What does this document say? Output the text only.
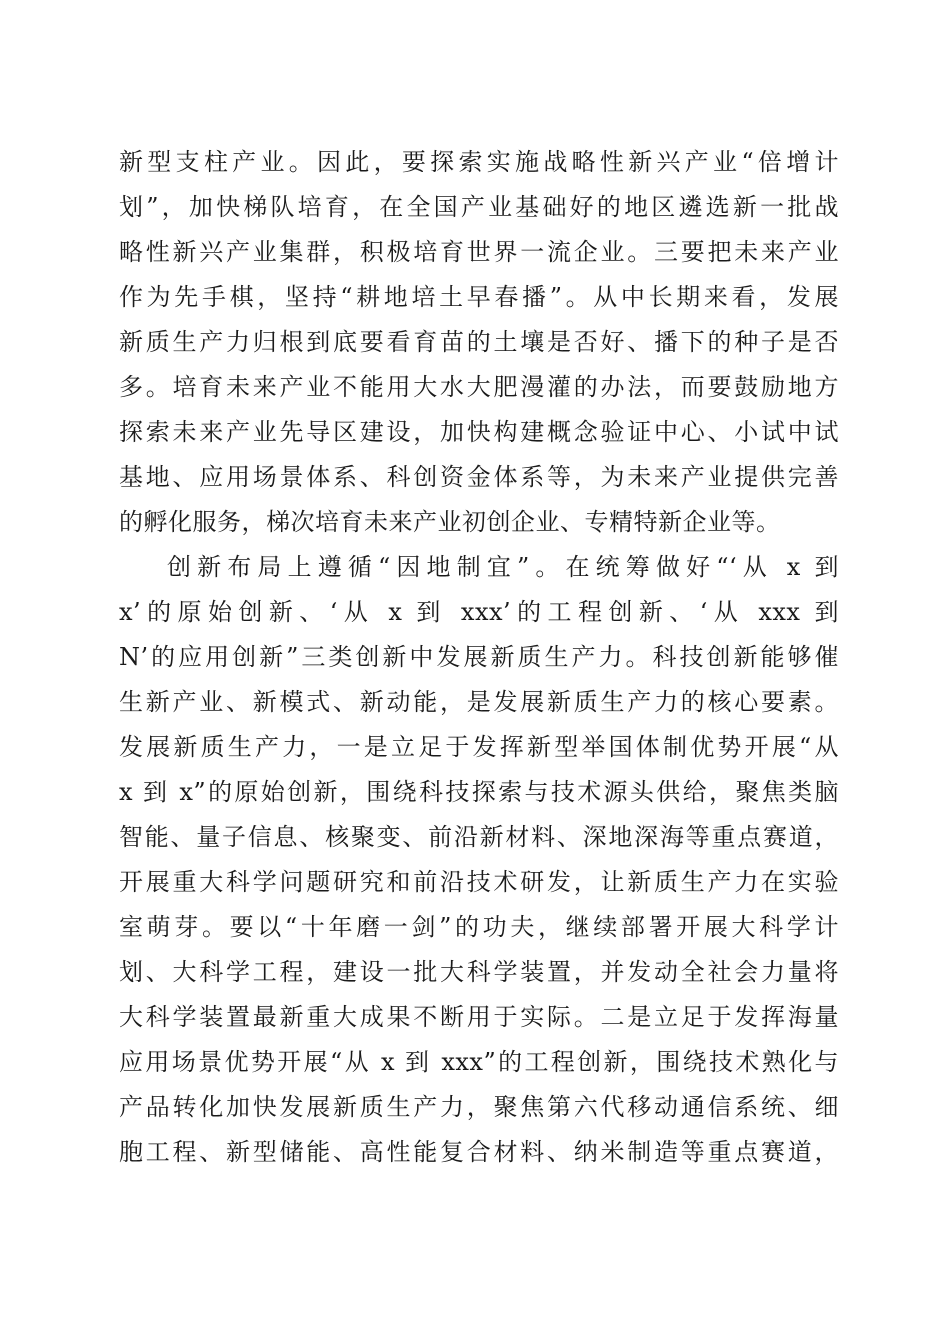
新型支柱产业。因此，要探索实施战略性新兴产业“倍增计
划”，加快梯队培育，在全国产业基础好的地区遴选新一批战
略性新兴产业集群，积极培育世界一流企业。三要把未来产业
作为先手棋，坚持“耕地培土早春播”。从中长期来看，发展
新质生产力归根到底要看育苗的土壤是否好、播下的种子是否
多。培育未来产业不能用大水大肥漫灌的办法，而要鼓励地方
探索未来产业先导区建设，加快构建概念验证中心、小试中试
基地、应用场景体系、科创资金体系等，为未来产业提供完善
的孵化服务，梯次培育未来产业初创企业、专精特新企业等。
创新布局上遵循“因地制宜”。在统筹做好“‘从 x 到
x’的原始创新、‘从 x 到 xxx’的工程创新、‘从 xxx 到
N’的应用创新”三类创新中发展新质生产力。科技创新能够催
生新产业、新模式、新动能，是发展新质生产力的核心要素。
发展新质生产力，一是立足于发挥新型举国体制优势开展“从
x 到 x”的原始创新，围绕科技探索与技术源头供给，聚焦类脑
智能、量子信息、核聚变、前沿新材料、深地深海等重点赛道，
开展重大科学问题研究和前沿技术研发，让新质生产力在实验
室萌芽。要以“十年磨一剑”的功夫，继续部署开展大科学计
划、大科学工程，建设一批大科学装置，并发动全社会力量将
大科学装置最新重大成果不断用于实际。二是立足于发挥海量
应用场景优势开展“从 x 到 xxx”的工程创新，围绕技术熟化与
产品转化加快发展新质生产力，聚焦第六代移动通信系统、细
胞工程、新型储能、高性能复合材料、纳米制造等重点赛道，
